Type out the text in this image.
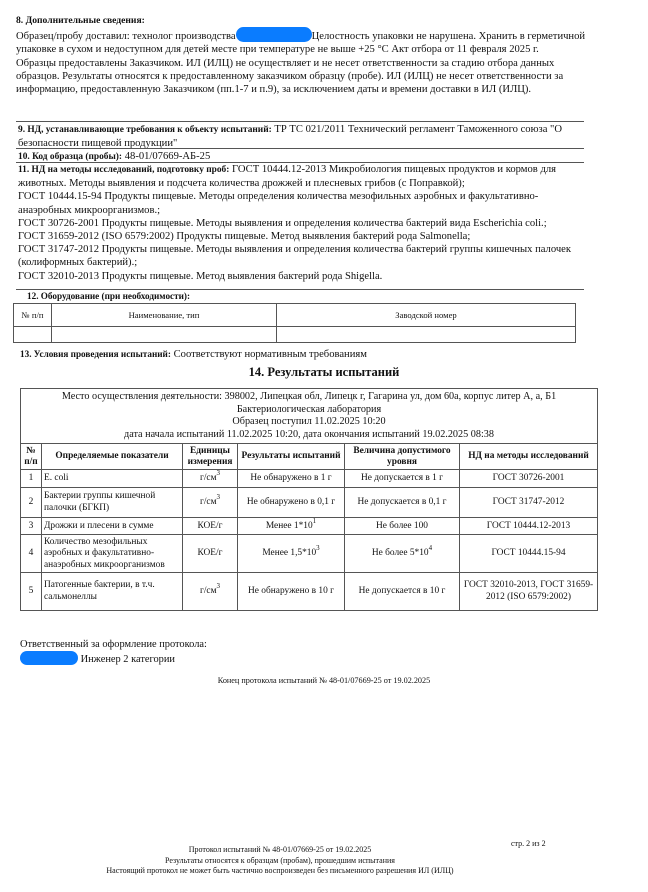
8. Дополнительные сведения:
Образец/пробу доставил: технолог производства	Целостность упаковки не нарушена. Хранить в герметичной упаковке в сухом и недоступном для детей месте при температуре не выше +25 °С Акт отбора от 11 февраля 2025 г.
Образцы предоставлены Заказчиком. ИЛ (ИЛЦ) не осуществляет и не несет ответственности за стадию отбора данных образцов. Результаты относятся к предоставленному заказчиком образцу (пробе). ИЛ (ИЛЦ) не несет ответственности за информацию, предоставленную Заказчиком (пп.1-7 и п.9), за исключением даты и времени доставки в ИЛ (ИЛЦ).
9. НД, устанавливающие требования к объекту испытаний: ТР ТС 021/2011 Технический регламент Таможенного союза "О безопасности пищевой продукции"
10. Код образца (пробы): 48-01/07669-АБ-25
11. НД на методы исследований, подготовку проб: ГОСТ 10444.12-2013 Микробиология пищевых продуктов и кормов для животных. Методы выявления и подсчета количества дрожжей и плесневых грибов (с Поправкой);
ГОСТ 10444.15-94 Продукты пищевые. Методы определения количества мезофильных аэробных и факультативно-анаэробных микроорганизмов.;
ГОСТ 30726-2001 Продукты пищевые. Методы выявления и определения количества бактерий вида Escherichia coli.;
ГОСТ 31659-2012 (ISO 6579:2002) Продукты пищевые. Метод выявления бактерий рода Salmonella;
ГОСТ 31747-2012 Продукты пищевые. Методы выявления и определения количества бактерий группы кишечных палочек (колиформных бактерий).;
ГОСТ 32010-2013 Продукты пищевые. Метод выявления бактерий рода Shigella.
12. Оборудование (при необходимости):
№ п/п	Наименование, тип	Заводской номер

13. Условия проведения испытаний: Соответствуют нормативным требованиям
14. Результаты испытаний
Место осуществления деятельности: 398002, Липецкая обл, Липецк г, Гагарина ул, дом 60а, корпус литер А, а, Б1
Бактериологическая лаборатория
Образец поступил 11.02.2025 10:20
дата начала испытаний 11.02.2025 10:20, дата окончания испытаний 19.02.2025 08:38					

№ п/п	Определяемые показатели	Единицы измерения	Результаты испытаний	Величина допустимого уровня	НД на методы исследований
1	E. coli	$г/см^3$	Не обнаружено в 1 г	Не допускается в 1 г	ГОСТ 30726-2001
2	Бактерии группы кишечной палочки (БГКП)	$г/см^3$	Не обнаружено в 0,1 г	Не допускается в 0,1 г	ГОСТ 31747-2012
3	Дрожжи и плесени в сумме	КОЕ/г	Менее $1*10^1$	Не более 100	ГОСТ 10444.12-2013
4	Количество мезофильных аэробных и факультативно-анаэробных микроорганизмов	КОЕ/г	Менее $1,5*10^3$	Не более $5*10^4$	ГОСТ 10444.15-94
5	Патогенные бактерии, в т.ч. сальмонеллы	$г/см^3$	Не обнаружено в 10 г	Не допускается в 10 г	ГОСТ 32010-2013, ГОСТ 31659-2012 (ISO 6579:2002)
Ответственный за оформление протокола:
Инженер 2 категории
Конец протокола испытаний № 48-01/07669-25 от 19.02.2025
стр. 2 из 2
Протокол испытаний № 48-01/07669-25 от 19.02.2025
Результаты относятся к образцам (пробам), прошедшим испытания
Настоящий протокол не может быть частично воспроизведен без письменного разрешения ИЛ (ИЛЦ)
